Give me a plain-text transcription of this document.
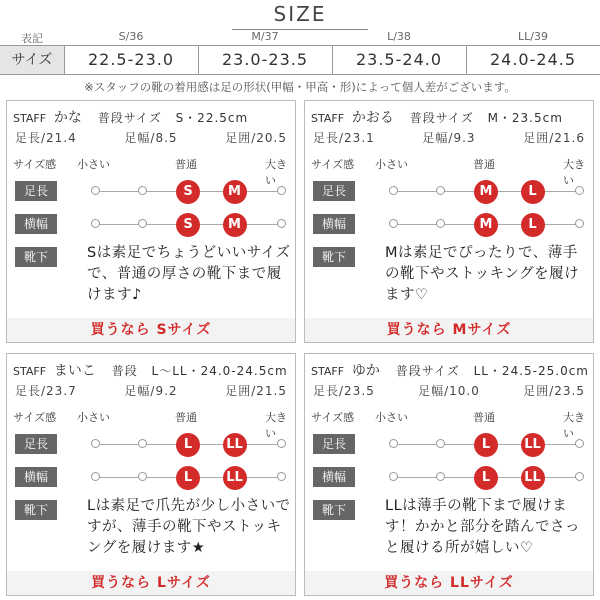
SIZE
表記	S/36	M/37	L/38	LL/39
サイズ	22.5-23.0	23.0-23.5	23.5-24.0	24.0-24.5
※スタッフの靴の着用感は足の形状(甲幅・甲高・形)によって個人差がございます。
STAFF かな 普段サイズ S・22.5cm
足長/21.4	足幅/8.5	足囲/20.5
サイズ感 小さい	普通	大きい
足長	S	M
横幅	S	M
靴下	Sは素足でちょうどいいサイズで、普通の厚さの靴下まで履けます♪
買うなら Sサイズ
STAFF かおる 普段サイズ M・23.5cm
足長/23.1	足幅/9.3	足囲/21.6
サイズ感 小さい	普通	大きい
足長	M	L
横幅	M	L
靴下	Mは素足でぴったりで、薄手の靴下やストッキングを履けます♡
買うなら Mサイズ
STAFF まいこ 普段 L～LL・24.0-24.5cm
足長/23.7	足幅/9.2	足囲/21.5
サイズ感 小さい	普通	大きい
足長	L	LL
横幅	L	LL
靴下	Lは素足で爪先が少し小さいですが、薄手の靴下やストッキングを履けます★
買うなら Lサイズ
STAFF ゆか 普段サイズ LL・24.5-25.0cm
足長/23.5	足幅/10.0	足囲/23.5
サイズ感 小さい	普通	大きい
足長	L	LL
横幅	L	LL
靴下	LLは薄手の靴下まで履けます！かかと部分を踏んでさっと履ける所が嬉しい♡
買うなら LLサイズ
